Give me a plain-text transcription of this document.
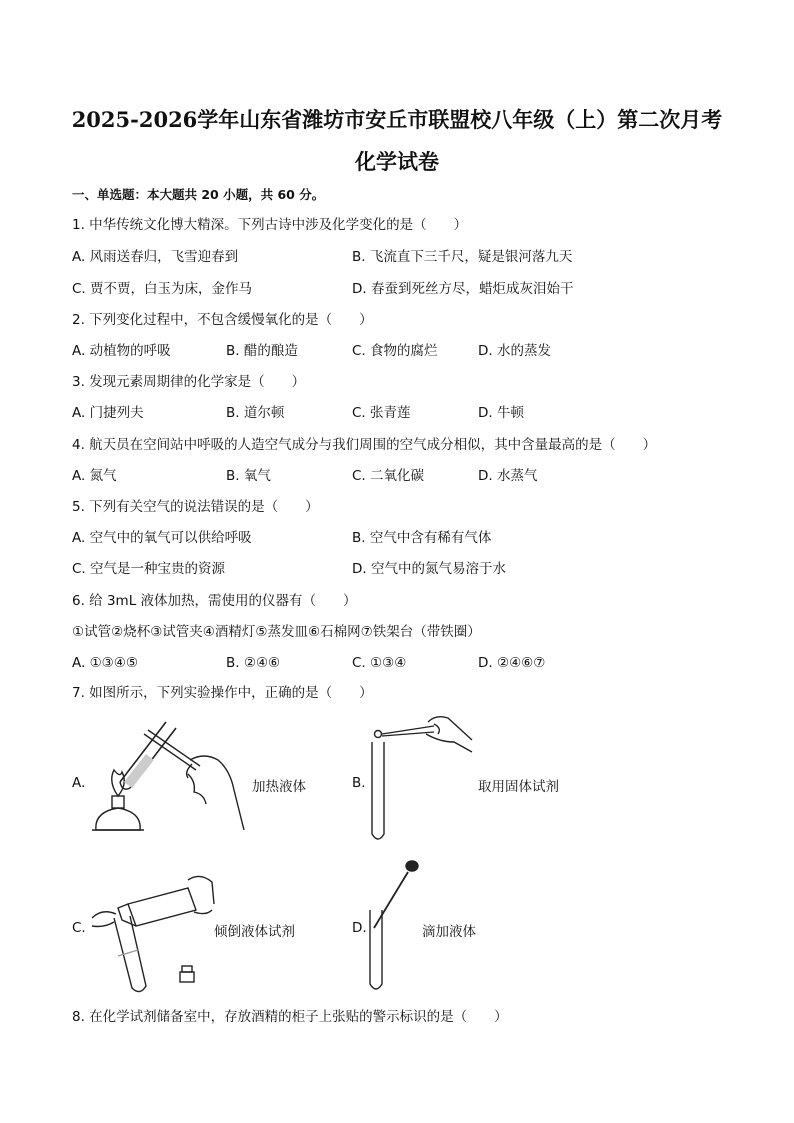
2025-2026学年山东省潍坊市安丘市联盟校八年级（上）第二次月考
化学试卷
一、单选题：本大题共 20 小题，共 60 分。
1. 中华传统文化博大精深。下列古诗中涉及化学变化的是（　　）
A. 风雨送春归，飞雪迎春到	B. 飞流直下三千尺，疑是银河落九天
C. 贾不贾，白玉为床，金作马	D. 春蚕到死丝方尽，蜡炬成灰泪始干
2. 下列变化过程中，不包含缓慢氧化的是（　　）
A. 动植物的呼吸	B. 醋的酿造	C. 食物的腐烂	D. 水的蒸发
3. 发现元素周期律的化学家是（　　）
A. 门捷列夫	B. 道尔顿	C. 张青莲	D. 牛顿
4. 航天员在空间站中呼吸的人造空气成分与我们周围的空气成分相似，其中含量最高的是（　　）
A. 氮气	B. 氧气	C. 二氧化碳	D. 水蒸气
5. 下列有关空气的说法错误的是（　　）
A. 空气中的氧气可以供给呼吸	B. 空气中含有稀有气体
C. 空气是一种宝贵的资源	D. 空气中的氮气易溶于水
6. 给 3mL 液体加热，需使用的仪器有（　　）
①试管②烧杯③试管夹④酒精灯⑤蒸发皿⑥石棉网⑦铁架台（带铁圈）
A. ①③④⑤	B. ②④⑥	C. ①③④	D. ②④⑥⑦
7. 如图所示，下列实验操作中，正确的是（　　）
A.	加热液体	B.	取用固体试剂
C.	倾倒液体试剂	D.	滴加液体
8. 在化学试剂储备室中，存放酒精的柜子上张贴的警示标识的是（　　）
